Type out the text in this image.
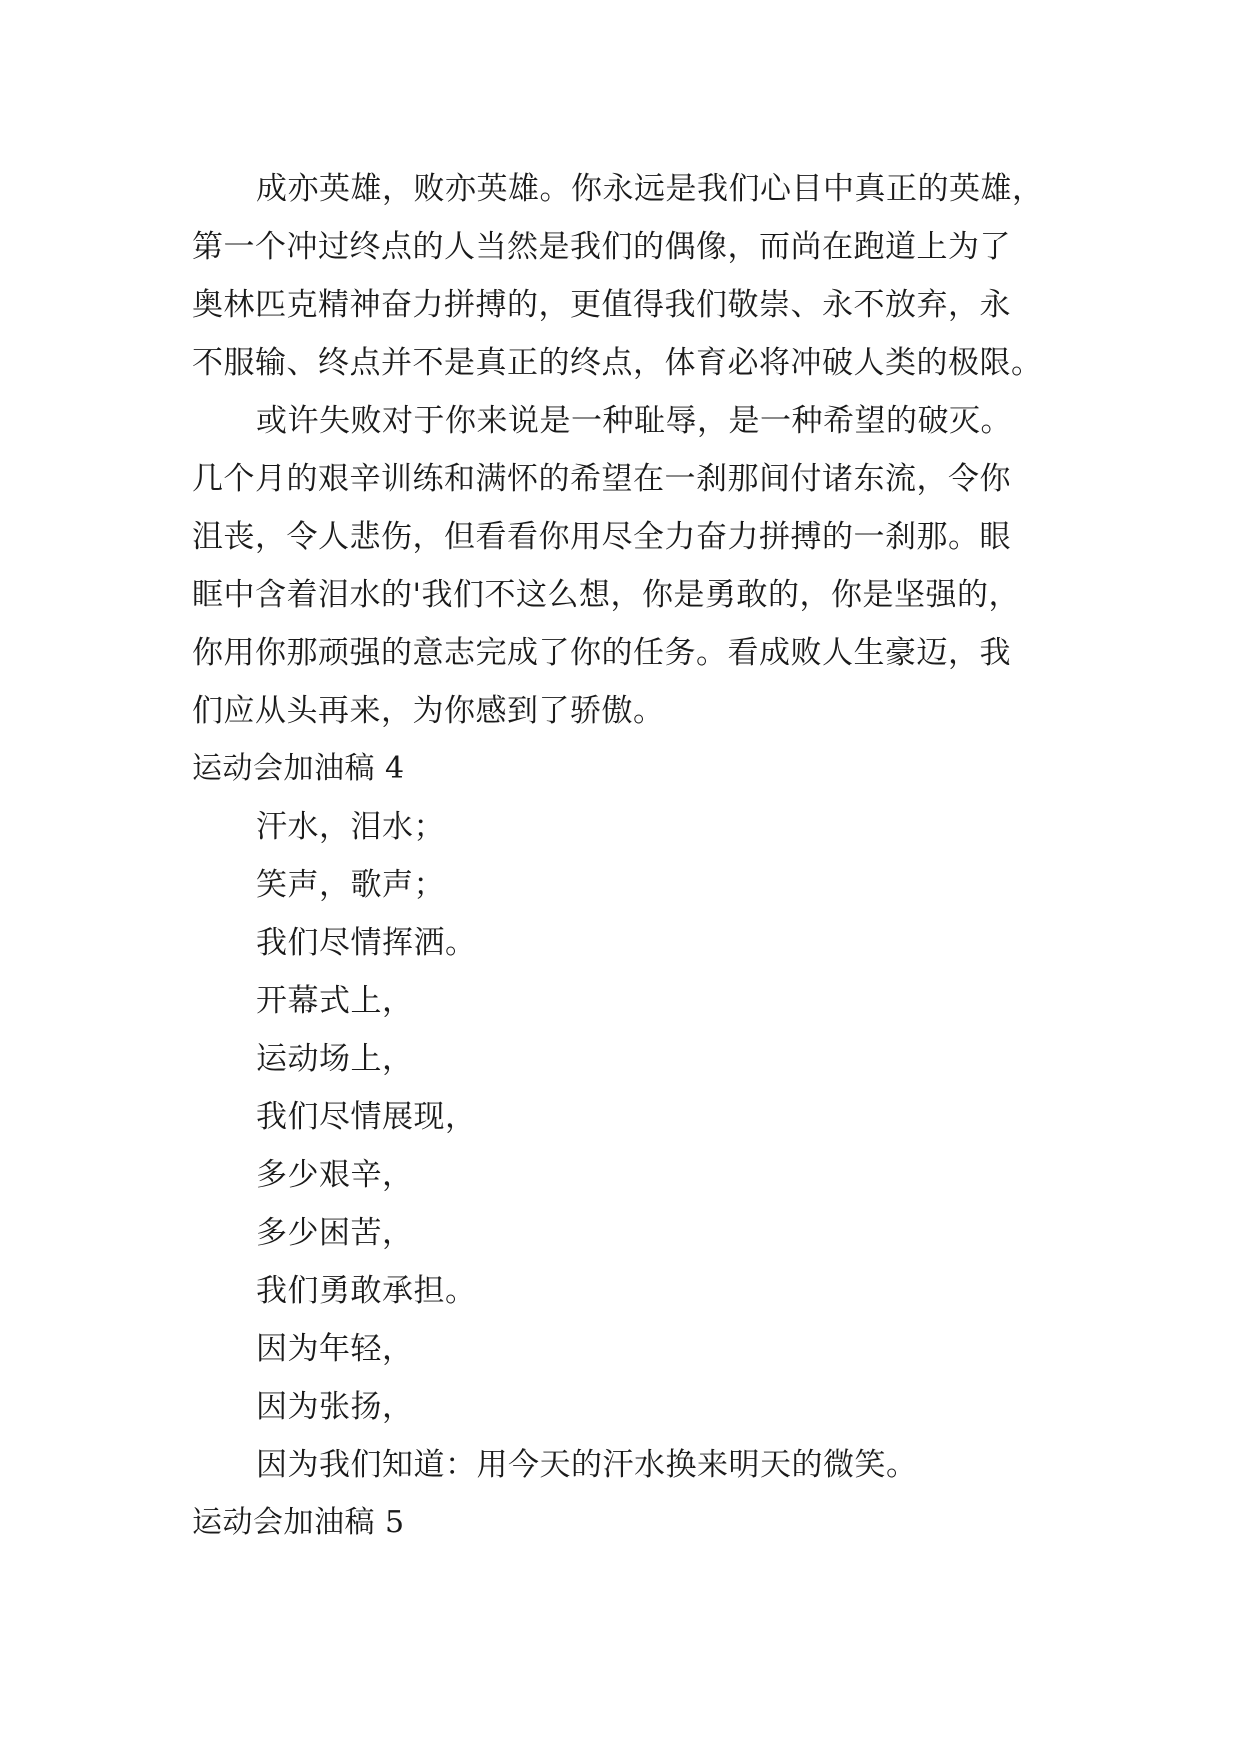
成亦英雄，败亦英雄。你永远是我们心目中真正的英雄，
第一个冲过终点的人当然是我们的偶像，而尚在跑道上为了
奥林匹克精神奋力拼搏的，更值得我们敬崇、永不放弃，永
不服输、终点并不是真正的终点，体育必将冲破人类的极限。
或许失败对于你来说是一种耻辱，是一种希望的破灭。
几个月的艰辛训练和满怀的希望在一刹那间付诸东流，令你
沮丧，令人悲伤，但看看你用尽全力奋力拼搏的一刹那。眼
眶中含着泪水的'我们不这么想，你是勇敢的，你是坚强的，
你用你那顽强的意志完成了你的任务。看成败人生豪迈，我
们应从头再来，为你感到了骄傲。
运动会加油稿 4
汗水，泪水；
笑声，歌声；
我们尽情挥洒。
开幕式上，
运动场上，
我们尽情展现，
多少艰辛，
多少困苦，
我们勇敢承担。
因为年轻，
因为张扬，
因为我们知道：用今天的汗水换来明天的微笑。
运动会加油稿 5
